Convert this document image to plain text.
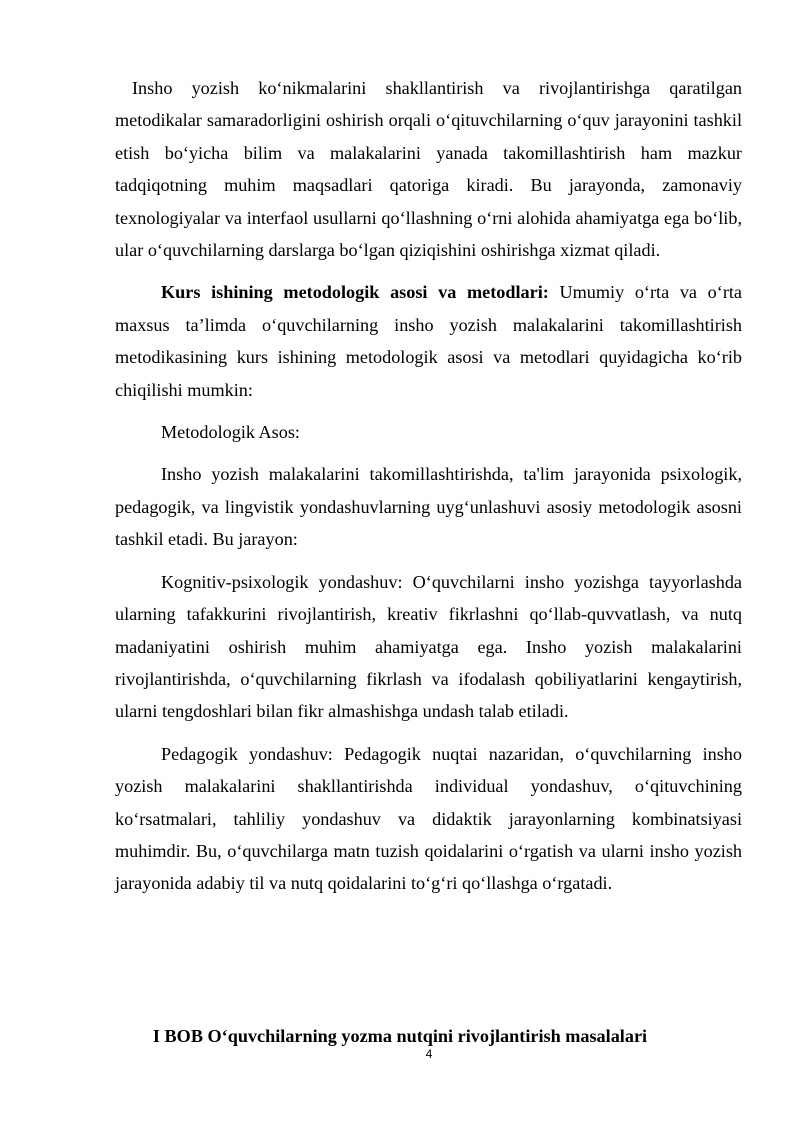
Insho yozish ko‘nikmalarini shakllantirish va rivojlantirishga qaratilgan metodikalar samaradorligini oshirish orqali o‘qituvchilarning o‘quv jarayonini tashkil etish bo‘yicha bilim va malakalarini yanada takomillashtirish ham mazkur tadqiqotning muhim maqsadlari qatoriga kiradi. Bu jarayonda, zamonaviy texnologiyalar va interfaol usullarni qo‘llashning o‘rni alohida ahamiyatga ega bo‘lib, ular o‘quvchilarning darslarga bo‘lgan qiziqishini oshirishga xizmat qiladi.

Kurs ishining metodologik asosi va metodlari: Umumiy o‘rta va o‘rta maxsus ta’limda o‘quvchilarning insho yozish malakalarini takomillashtirish metodikasining kurs ishining metodologik asosi va metodlari quyidagicha ko‘rib chiqilishi mumkin:

Metodologik Asos:

Insho yozish malakalarini takomillashtirishda, ta'lim jarayonida psixologik, pedagogik, va lingvistik yondashuvlarning uyg‘unlashuvi asosiy metodologik asosni tashkil etadi. Bu jarayon:

Kognitiv-psixologik yondashuv: O‘quvchilarni insho yozishga tayyorlashda ularning tafakkurini rivojlantirish, kreativ fikrlashni qo‘llab-quvvatlash, va nutq madaniyatini oshirish muhim ahamiyatga ega. Insho yozish malakalarini rivojlantirishda, o‘quvchilarning fikrlash va ifodalash qobiliyatlarini kengaytirish, ularni tengdoshlari bilan fikr almashishga undash talab etiladi.

Pedagogik yondashuv: Pedagogik nuqtai nazaridan, o‘quvchilarning insho yozish malakalarini shakllantirishda individual yondashuv, o‘qituvchining ko‘rsatmalari, tahliliy yondashuv va didaktik jarayonlarning kombinatsiyasi muhimdir. Bu, o‘quvchilarga matn tuzish qoidalarini o‘rgatish va ularni insho yozish jarayonida adabiy til va nutq qoidalarini to‘g‘ri qo‘llashga o‘rgatadi.

I BOB O‘quvchilarning yozma nutqini rivojlantirish masalalari
4
